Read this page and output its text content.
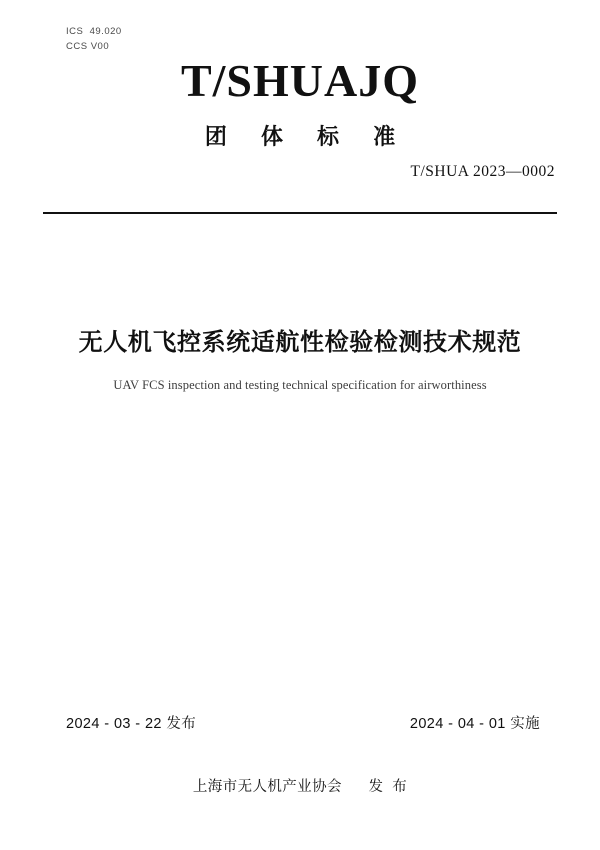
ICS  49.020
CCS V00
T/SHUAJQ
团 体 标 准
T/SHUA 2023—0002
无人机飞控系统适航性检验检测技术规范
UAV FCS inspection and testing technical specification for airworthiness
2024 - 03 - 22 发布	2024 - 04 - 01 实施
上海市无人机产业协会      发  布
